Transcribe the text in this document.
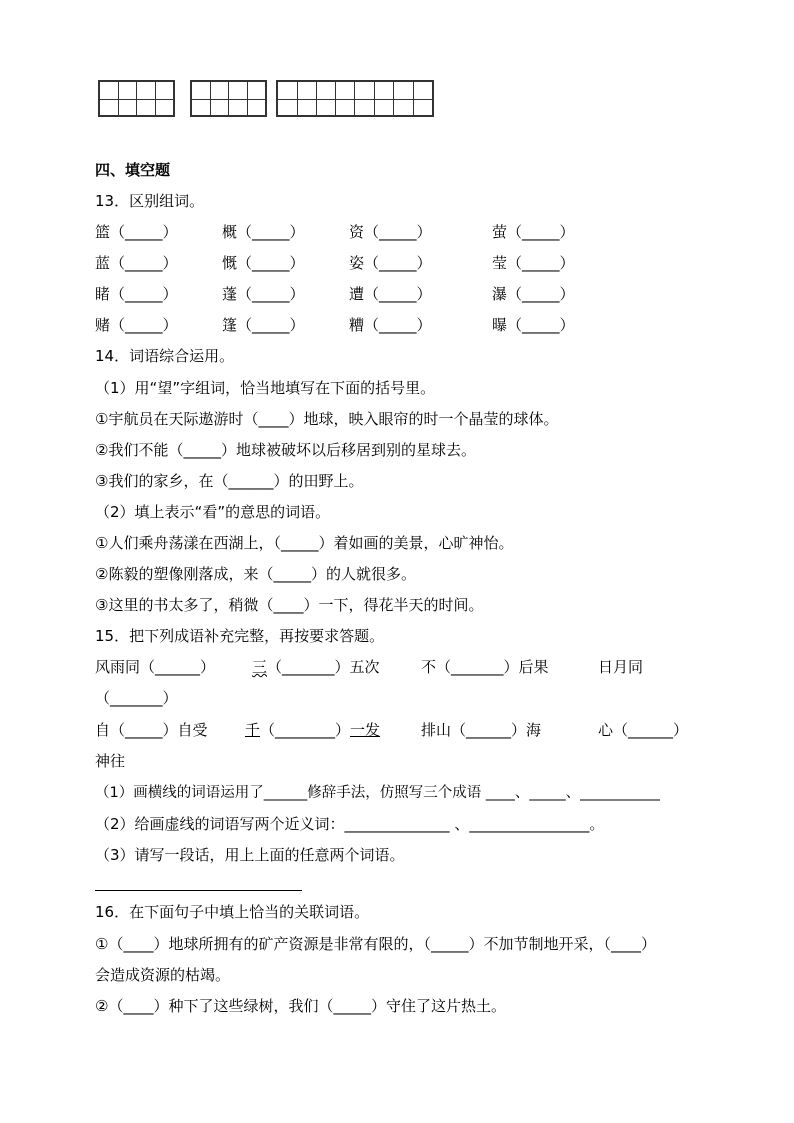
四、填空题
13．区别组词。
篮（_____）	概（_____）	资（_____）	萤（_____）
蓝（_____）	慨（_____）	姿（_____）	莹（_____）
睹（_____）	蓬（_____）	遭（_____）	瀑（_____）
赌（_____）	篷（_____）	糟（_____）	曝（_____）
14．词语综合运用。
（1）用“望”字组词，恰当地填写在下面的括号里。
①宇航员在天际遨游时（____）地球，映入眼帘的时一个晶莹的球体。
②我们不能（_____）地球被破坏以后移居到别的星球去。
③我们的家乡，在（______）的田野上。
（2）填上表示“看”的意思的词语。
①人们乘舟荡漾在西湖上，（_____）着如画的美景，心旷神怡。
②陈毅的塑像刚落成，来（_____）的人就很多。
③这里的书太多了，稍微（____）一下，得花半天的时间。
15．把下列成语补充完整，再按要求答题。
风雨同（______） 三（_______）五次	不（_______）后果	日月同
（_______）
自（_____）自受 千（________）一发	排山（______）海	心（______）
神往
（1）画横线的词语运用了______修辞手法，仿照写三个成语 ____、_____、___________
（2）给画虚线的词语写两个近义词：______________ 、________________。
（3）请写一段话，用上上面的任意两个词语。
16．在下面句子中填上恰当的关联词语。
①（____）地球所拥有的矿产资源是非常有限的，（_____）不加节制地开采，（____）
会造成资源的枯竭。
②（____）种下了这些绿树，我们（_____）守住了这片热土。
